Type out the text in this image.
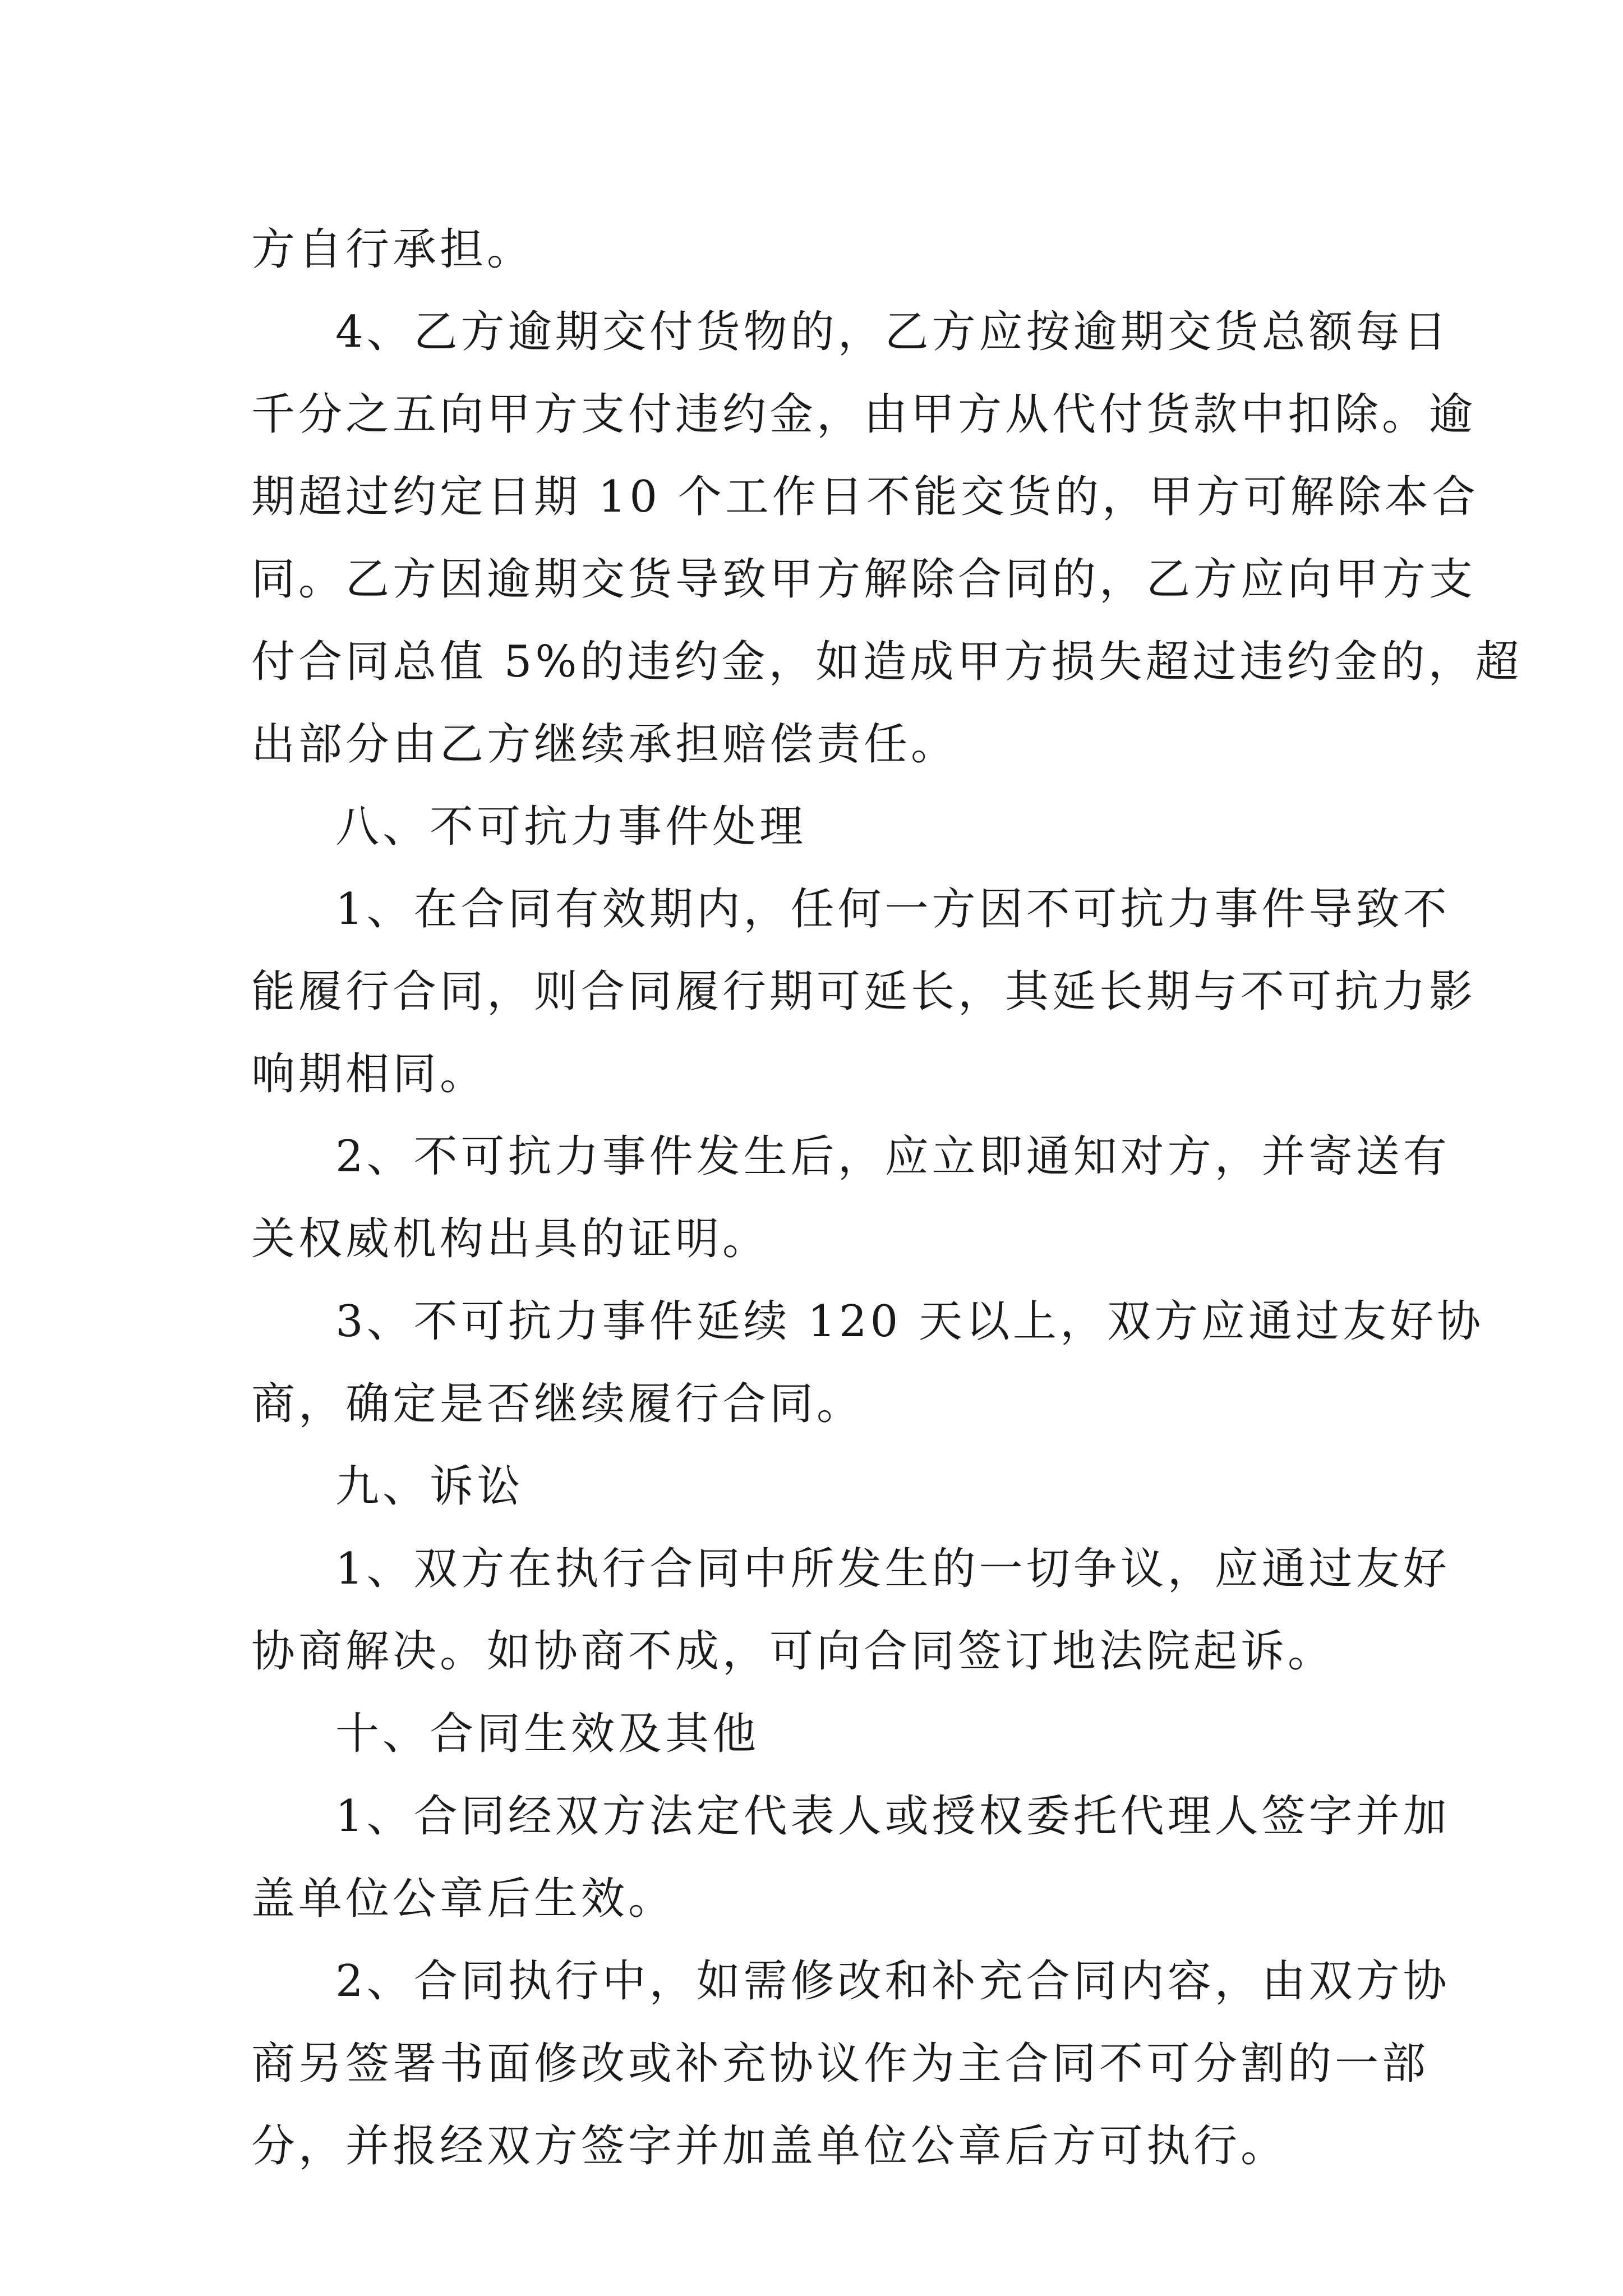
方自行承担。
4、乙方逾期交付货物的，乙方应按逾期交货总额每日
千分之五向甲方支付违约金，由甲方从代付货款中扣除。逾
期超过约定日期 10 个工作日不能交货的，甲方可解除本合
同。乙方因逾期交货导致甲方解除合同的，乙方应向甲方支
付合同总值 5%的违约金，如造成甲方损失超过违约金的，超
出部分由乙方继续承担赔偿责任。
八、不可抗力事件处理
1、在合同有效期内，任何一方因不可抗力事件导致不
能履行合同，则合同履行期可延长，其延长期与不可抗力影
响期相同。
2、不可抗力事件发生后，应立即通知对方，并寄送有
关权威机构出具的证明。
3、不可抗力事件延续 120 天以上，双方应通过友好协
商，确定是否继续履行合同。
九、诉讼
1、双方在执行合同中所发生的一切争议，应通过友好
协商解决。如协商不成，可向合同签订地法院起诉。
十、合同生效及其他
1、合同经双方法定代表人或授权委托代理人签字并加
盖单位公章后生效。
2、合同执行中，如需修改和补充合同内容，由双方协
商另签署书面修改或补充协议作为主合同不可分割的一部
分，并报经双方签字并加盖单位公章后方可执行。
